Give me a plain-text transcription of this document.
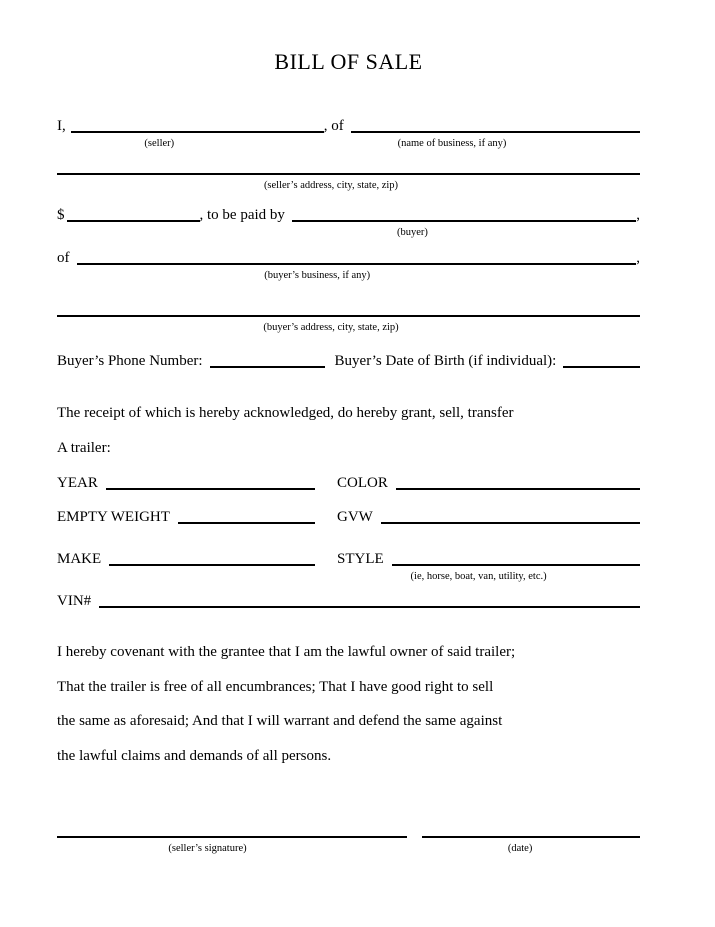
BILL OF SALE
I,
(seller)
, of
(name of business, if any)
(seller’s address, city, state, zip)
$	, to be paid by
(buyer)
,
of
(buyer’s business, if any)
,
(buyer’s address, city, state, zip)
Buyer’s Phone Number:	Buyer’s Date of Birth (if individual):

The receipt of which is hereby acknowledged, do hereby grant, sell, transfer

A trailer:

YEAR	COLOR
EMPTY WEIGHT	GVW
MAKE	STYLE
(ie, horse, boat, van, utility, etc.)
VIN#

I hereby covenant with the grantee that I am the lawful owner of said trailer;

That the trailer is free of all encumbrances; That I have good right to sell

the same as aforesaid; And that I will warrant and defend the same against

the lawful claims and demands of all persons.

(seller’s signature)	(date)
